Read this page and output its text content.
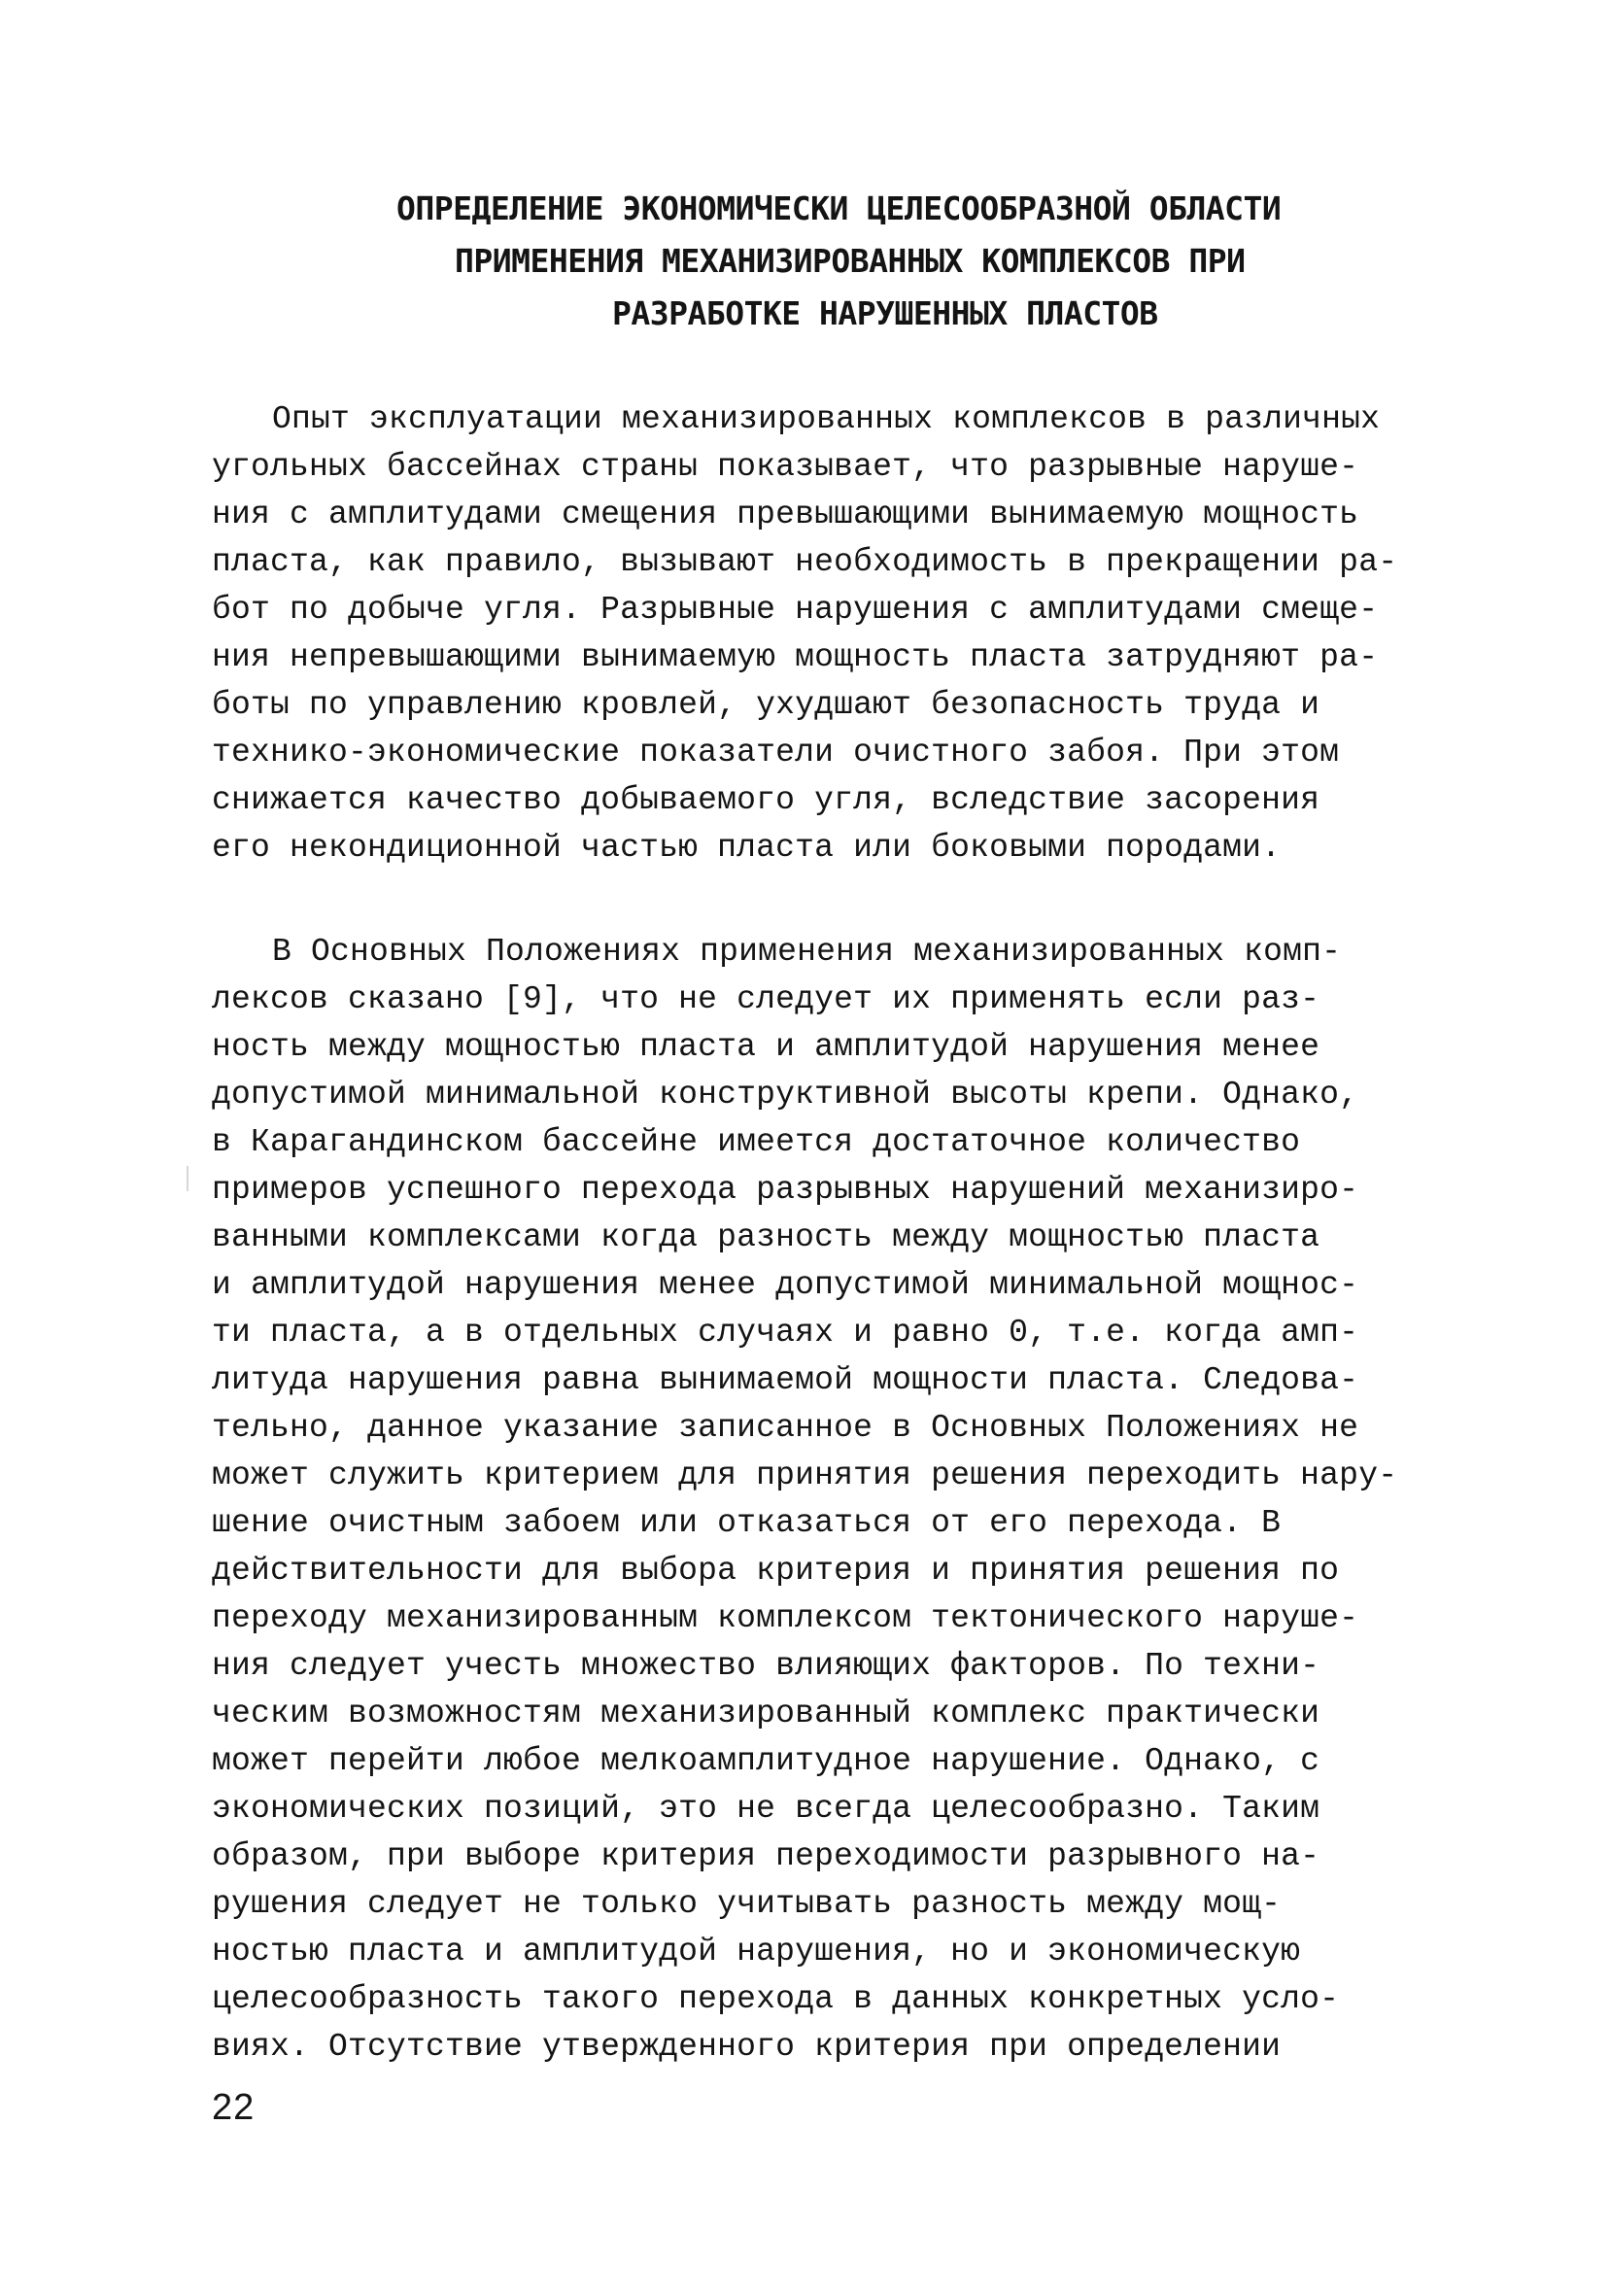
ОПРЕДЕЛЕНИЕ ЭКОНОМИЧЕСКИ ЦЕЛЕСООБРАЗНОЙ ОБЛАСТИ
ПРИМЕНЕНИЯ МЕХАНИЗИРОВАННЫХ КОМПЛЕКСОВ ПРИ
РАЗРАБОТКЕ НАРУШЕННЫХ ПЛАСТОВ
Опыт эксплуатации механизированных комплексов в различных
угольных бассейнах страны показывает, что разрывные наруше-
ния с амплитудами смещения превышающими вынимаемую мощность
пласта, как правило, вызывают необходимость в прекращении ра-
бот по добыче угля. Разрывные нарушения с амплитудами смеще-
ния непревышающими вынимаемую мощность пласта затрудняют ра-
боты по управлению кровлей, ухудшают безопасность труда и
технико-экономические показатели очистного забоя. При этом
снижается качество добываемого угля, вследствие засорения
его некондиционной частью пласта или боковыми породами.
В Основных Положениях применения механизированных комп-
лексов сказано [9], что не следует их применять если раз-
ность между мощностью пласта и амплитудой нарушения менее
допустимой минимальной конструктивной высоты крепи. Однако,
в Карагандинском бассейне имеется достаточное количество
примеров успешного перехода разрывных нарушений механизиро-
ванными комплексами когда разность между мощностью пласта
и амплитудой нарушения менее допустимой минимальной мощнос-
ти пласта, а в отдельных случаях и равно 0, т.е. когда амп-
литуда нарушения равна вынимаемой мощности пласта. Следова-
тельно, данное указание записанное в Основных Положениях не
может служить критерием для принятия решения переходить нару-
шение очистным забоем или отказаться от его перехода. В
действительности для выбора критерия и принятия решения по
переходу механизированным комплексом тектонического наруше-
ния следует учесть множество влияющих факторов. По техни-
ческим возможностям механизированный комплекс практически
может перейти любое мелкоамплитудное нарушение. Однако, с
экономических позиций, это не всегда целесообразно. Таким
образом, при выборе критерия переходимости разрывного на-
рушения следует не только учитывать разность между мощ-
ностью пласта и амплитудой нарушения, но и экономическую
целесообразность такого перехода в данных конкретных усло-
виях. Отсутствие утвержденного критерия при определении
22
